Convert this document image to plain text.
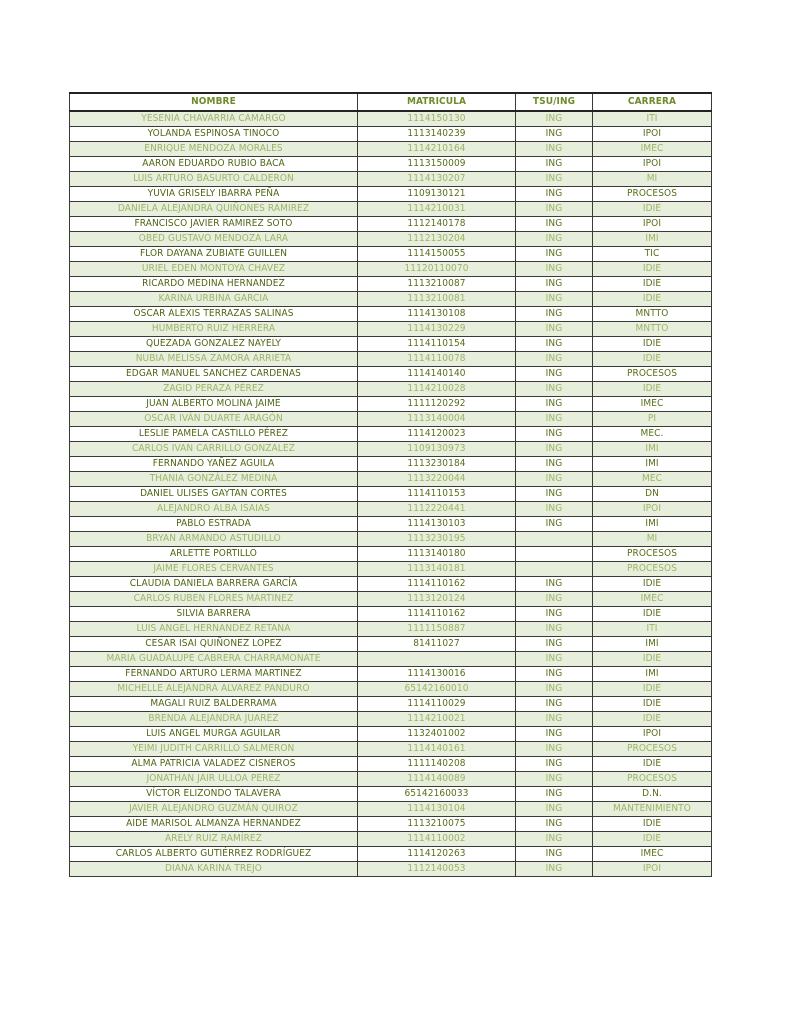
NOMBRE	MATRICULA	TSU/ING	CARRERA
YESENIA CHAVARRIA CAMARGO	1114150130	ING	ITI
YOLANDA ESPINOSA TINOCO	1113140239	ING	IPOI
ENRIQUE MENDOZA MORALES	1114210164	ING	IMEC
AARON EDUARDO RUBIO BACA	1113150009	ING	IPOI
LUIS ARTURO BASURTO CALDERON	1114130207	ING	MI
YUVIA GRISELY IBARRA PEÑA	1109130121	ING	PROCESOS
DANIELA ALEJANDRA QUIÑONES RAMIREZ	1114210031	ING	IDIE
FRANCISCO JAVIER RAMIREZ SOTO	1112140178	ING	IPOI
OBED GUSTAVO MENDOZA LARA	1112130204	ING	IMI
FLOR DAYANA ZUBIATE GUILLEN	1114150055	ING	TIC
URIEL EDEN MONTOYA CHAVEZ	11120110070	ING	IDIE
RICARDO MEDINA HERNANDEZ	1113210087	ING	IDIE
KARINA URBINA GARCIA	1113210081	ING	IDIE
OSCAR ALEXIS TERRAZAS SALINAS	1114130108	ING	MNTTO
HUMBERTO RUIZ HERRERA	1114130229	ING	MNTTO
QUEZADA GONZALEZ NAYELY	1114110154	ING	IDIE
NUBIA MELISSA ZAMORA ARRIETA	1114110078	ING	IDIE
EDGAR MANUEL SANCHEZ CARDENAS	1114140140	ING	PROCESOS
ZAGID PERAZA PÉREZ	1114210028	ING	IDIE
JUAN ALBERTO MOLINA JAIME	1111120292	ING	IMEC
OSCAR IVÁN DUARTE ARAGÓN	1113140004	ING	PI
LESLIE PAMELA CASTILLO PÉREZ	1114120023	ING	MEC.
CARLOS IVAN CARRILLO GONZALEZ	1109130973	ING	IMI
FERNANDO YAÑEZ AGUILA	1113230184	ING	IMI
THANIA GONZÁLEZ MEDINA	1113220044	ING	MEC
DANIEL ULISES GAYTAN CORTES	1114110153	ING	DN
ALEJANDRO ALBA ISAIAS	1112220441	ING	IPOI
PABLO ESTRADA	1114130103	ING	IMI
BRYAN ARMANDO ASTUDILLO	1113230195		MI
ARLETTE PORTILLO	1113140180		PROCESOS
JAIME FLORES CERVANTES	1113140181		PROCESOS
CLAUDIA DANIELA BARRERA GARCÍA	1114110162	ING	IDIE
CARLOS RUBEN FLORES MARTINEZ	1113120124	ING	IMEC
SILVIA BARRERA	1114110162	ING	IDIE
LUIS ANGEL HERNANDEZ RETANA	1111150887	ING	ITI
CESAR ISAI QUIÑONEZ LOPEZ	81411027	ING	IMI
MARIA GUADALUPE CABRERA CHARRAMONATE		ING	IDIE
FERNANDO ARTURO LERMA MARTINEZ	1114130016	ING	IMI
MICHELLE ALEJANDRA ALVAREZ PANDURO	65142160010	ING	IDIE
MAGALI RUIZ BALDERRAMA	1114110029	ING	IDIE
BRENDA ALEJANDRA JUAREZ	1114210021	ING	IDIE
LUIS ANGEL MURGA AGUILAR	1132401002	ING	IPOI
YEIMI JUDITH CARRILLO SALMERON	1114140161	ING	PROCESOS
ALMA PATRICIA VALADEZ CISNEROS	1111140208	ING	IDIE
JONATHAN JAIR ULLOA PEREZ	1114140089	ING	PROCESOS
VÍCTOR ELIZONDO TALAVERA	65142160033	ING	D.N.
JAVIER ALEJANDRO GUZMÁN QUIROZ	1114130104	ING	MANTENIMIENTO
AIDE MARISOL ALMANZA HERNANDEZ	1113210075	ING	IDIE
ARELY RUIZ RAMÍREZ	1114110002	ING	IDIE
CARLOS ALBERTO GUTIÉRREZ RODRÍGUEZ	1114120263	ING	IMEC
DIANA KARINA TREJO	1112140053	ING	IPOI
